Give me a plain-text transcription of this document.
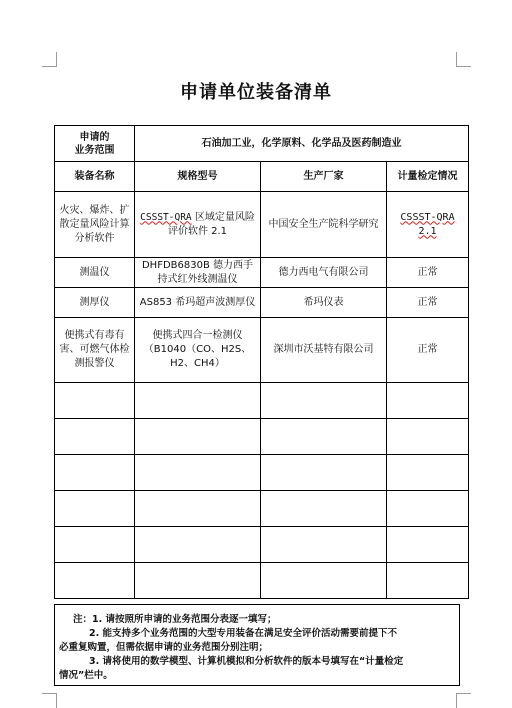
申请单位装备清单
申请的
业务范围	石油加工业，化学原料、化学品及医药制造业		
装备名称	规格型号	生产厂家	计量检定情况
火灾、爆炸、扩散定量风险计算分析软件	CSSST-QRA 区域定量风险评价软件 2.1	中国安全生产院科学研究	CSSST-QRA 2.1
测温仪	DHFDB6830B 德力西手持式红外线测温仪	德力西电气有限公司	正常
测厚仪	AS853 希玛超声波测厚仪	希玛仪表	正常
便携式有毒有害、可燃气体检测报警仪	便携式四合一检测仪（B1040（CO、H2S、H2、CH4）	深圳市沃基特有限公司	正常

注：1. 请按照所申请的业务范围分表逐一填写；

2. 能支持多个业务范围的大型专用装备在满足安全评价活动需要前提下不

必重复购置，但需依据申请的业务范围分别注明；

3. 请将使用的数学模型、计算机模拟和分析软件的版本号填写在“计量检定

情况”栏中。
